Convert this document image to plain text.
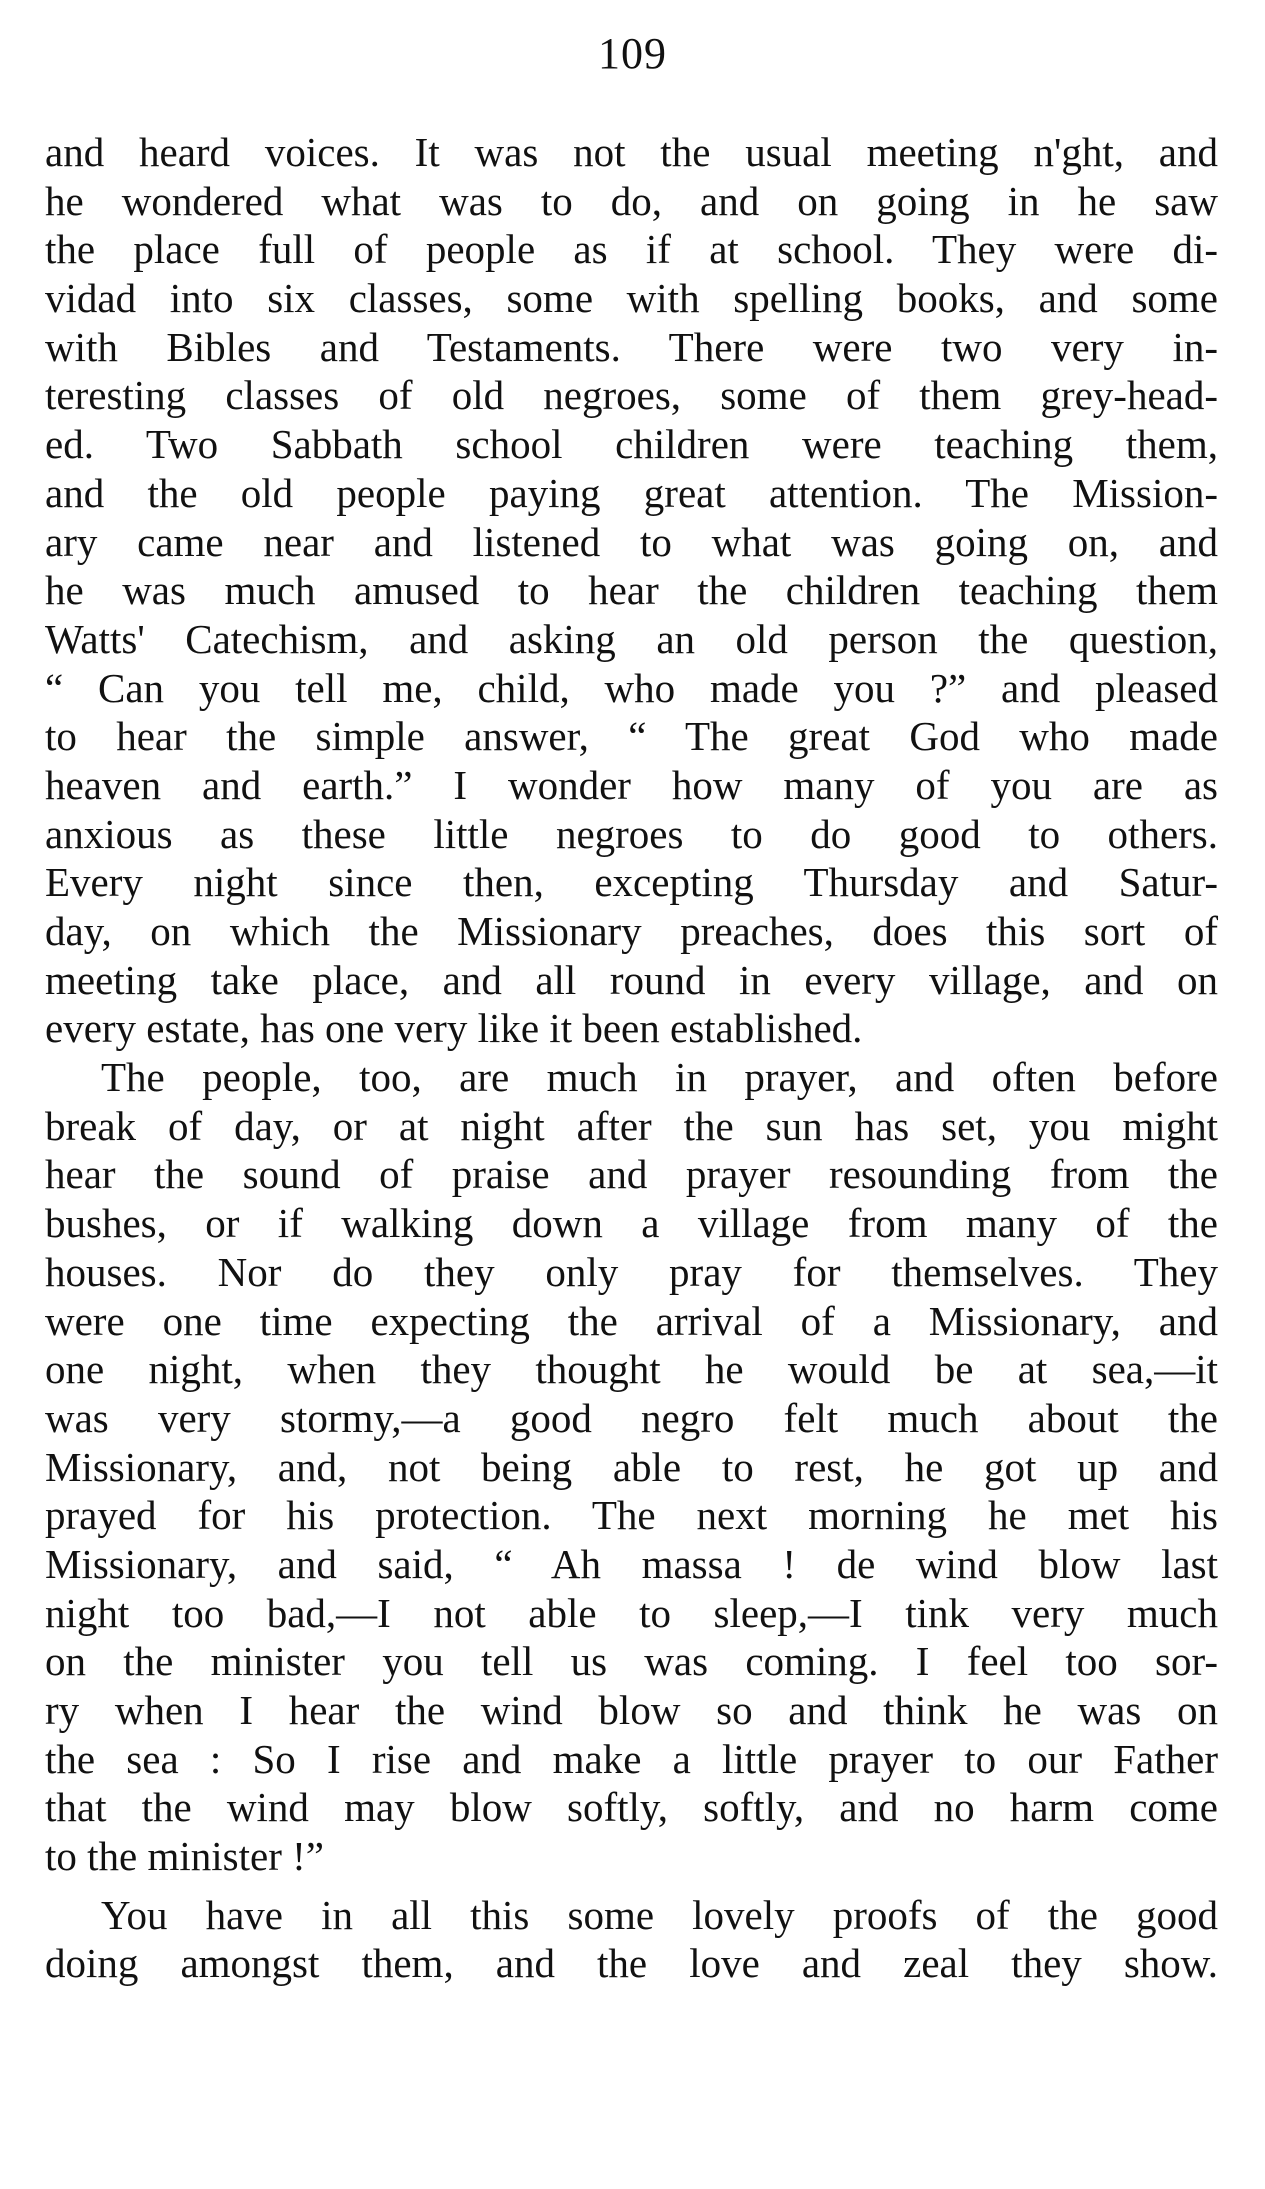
109
and heard voices. It was not the usual meeting n'ght, and
he wondered what was to do, and on going in he saw
the place full of people as if at school. They were di-
vidad into six classes, some with spelling books, and some
with Bibles and Testaments. There were two very in-
teresting classes of old negroes, some of them grey-head-
ed. Two Sabbath school children were teaching them,
and the old people paying great attention. The Mission-
ary came near and listened to what was going on, and
he was much amused to hear the children teaching them
Watts' Catechism, and asking an old person the question,
“ Can you tell me, child, who made you ?” and pleased
to hear the simple answer, “ The great God who made
heaven and earth.” I wonder how many of you are as
anxious as these little negroes to do good to others.
Every night since then, excepting Thursday and Satur-
day, on which the Missionary preaches, does this sort of
meeting take place, and all round in every village, and on
every estate, has one very like it been established.
The people, too, are much in prayer, and often before
break of day, or at night after the sun has set, you might
hear the sound of praise and prayer resounding from the
bushes, or if walking down a village from many of the
houses. Nor do they only pray for themselves. They
were one time expecting the arrival of a Missionary, and
one night, when they thought he would be at sea,—it
was very stormy,—a good negro felt much about the
Missionary, and, not being able to rest, he got up and
prayed for his protection. The next morning he met his
Missionary, and said, “ Ah massa ! de wind blow last
night too bad,—I not able to sleep,—I tink very much
on the minister you tell us was coming. I feel too sor-
ry when I hear the wind blow so and think he was on
the sea : So I rise and make a little prayer to our Father
that the wind may blow softly, softly, and no harm come
to the minister !”
You have in all this some lovely proofs of the good
doing amongst them, and the love and zeal they show.
